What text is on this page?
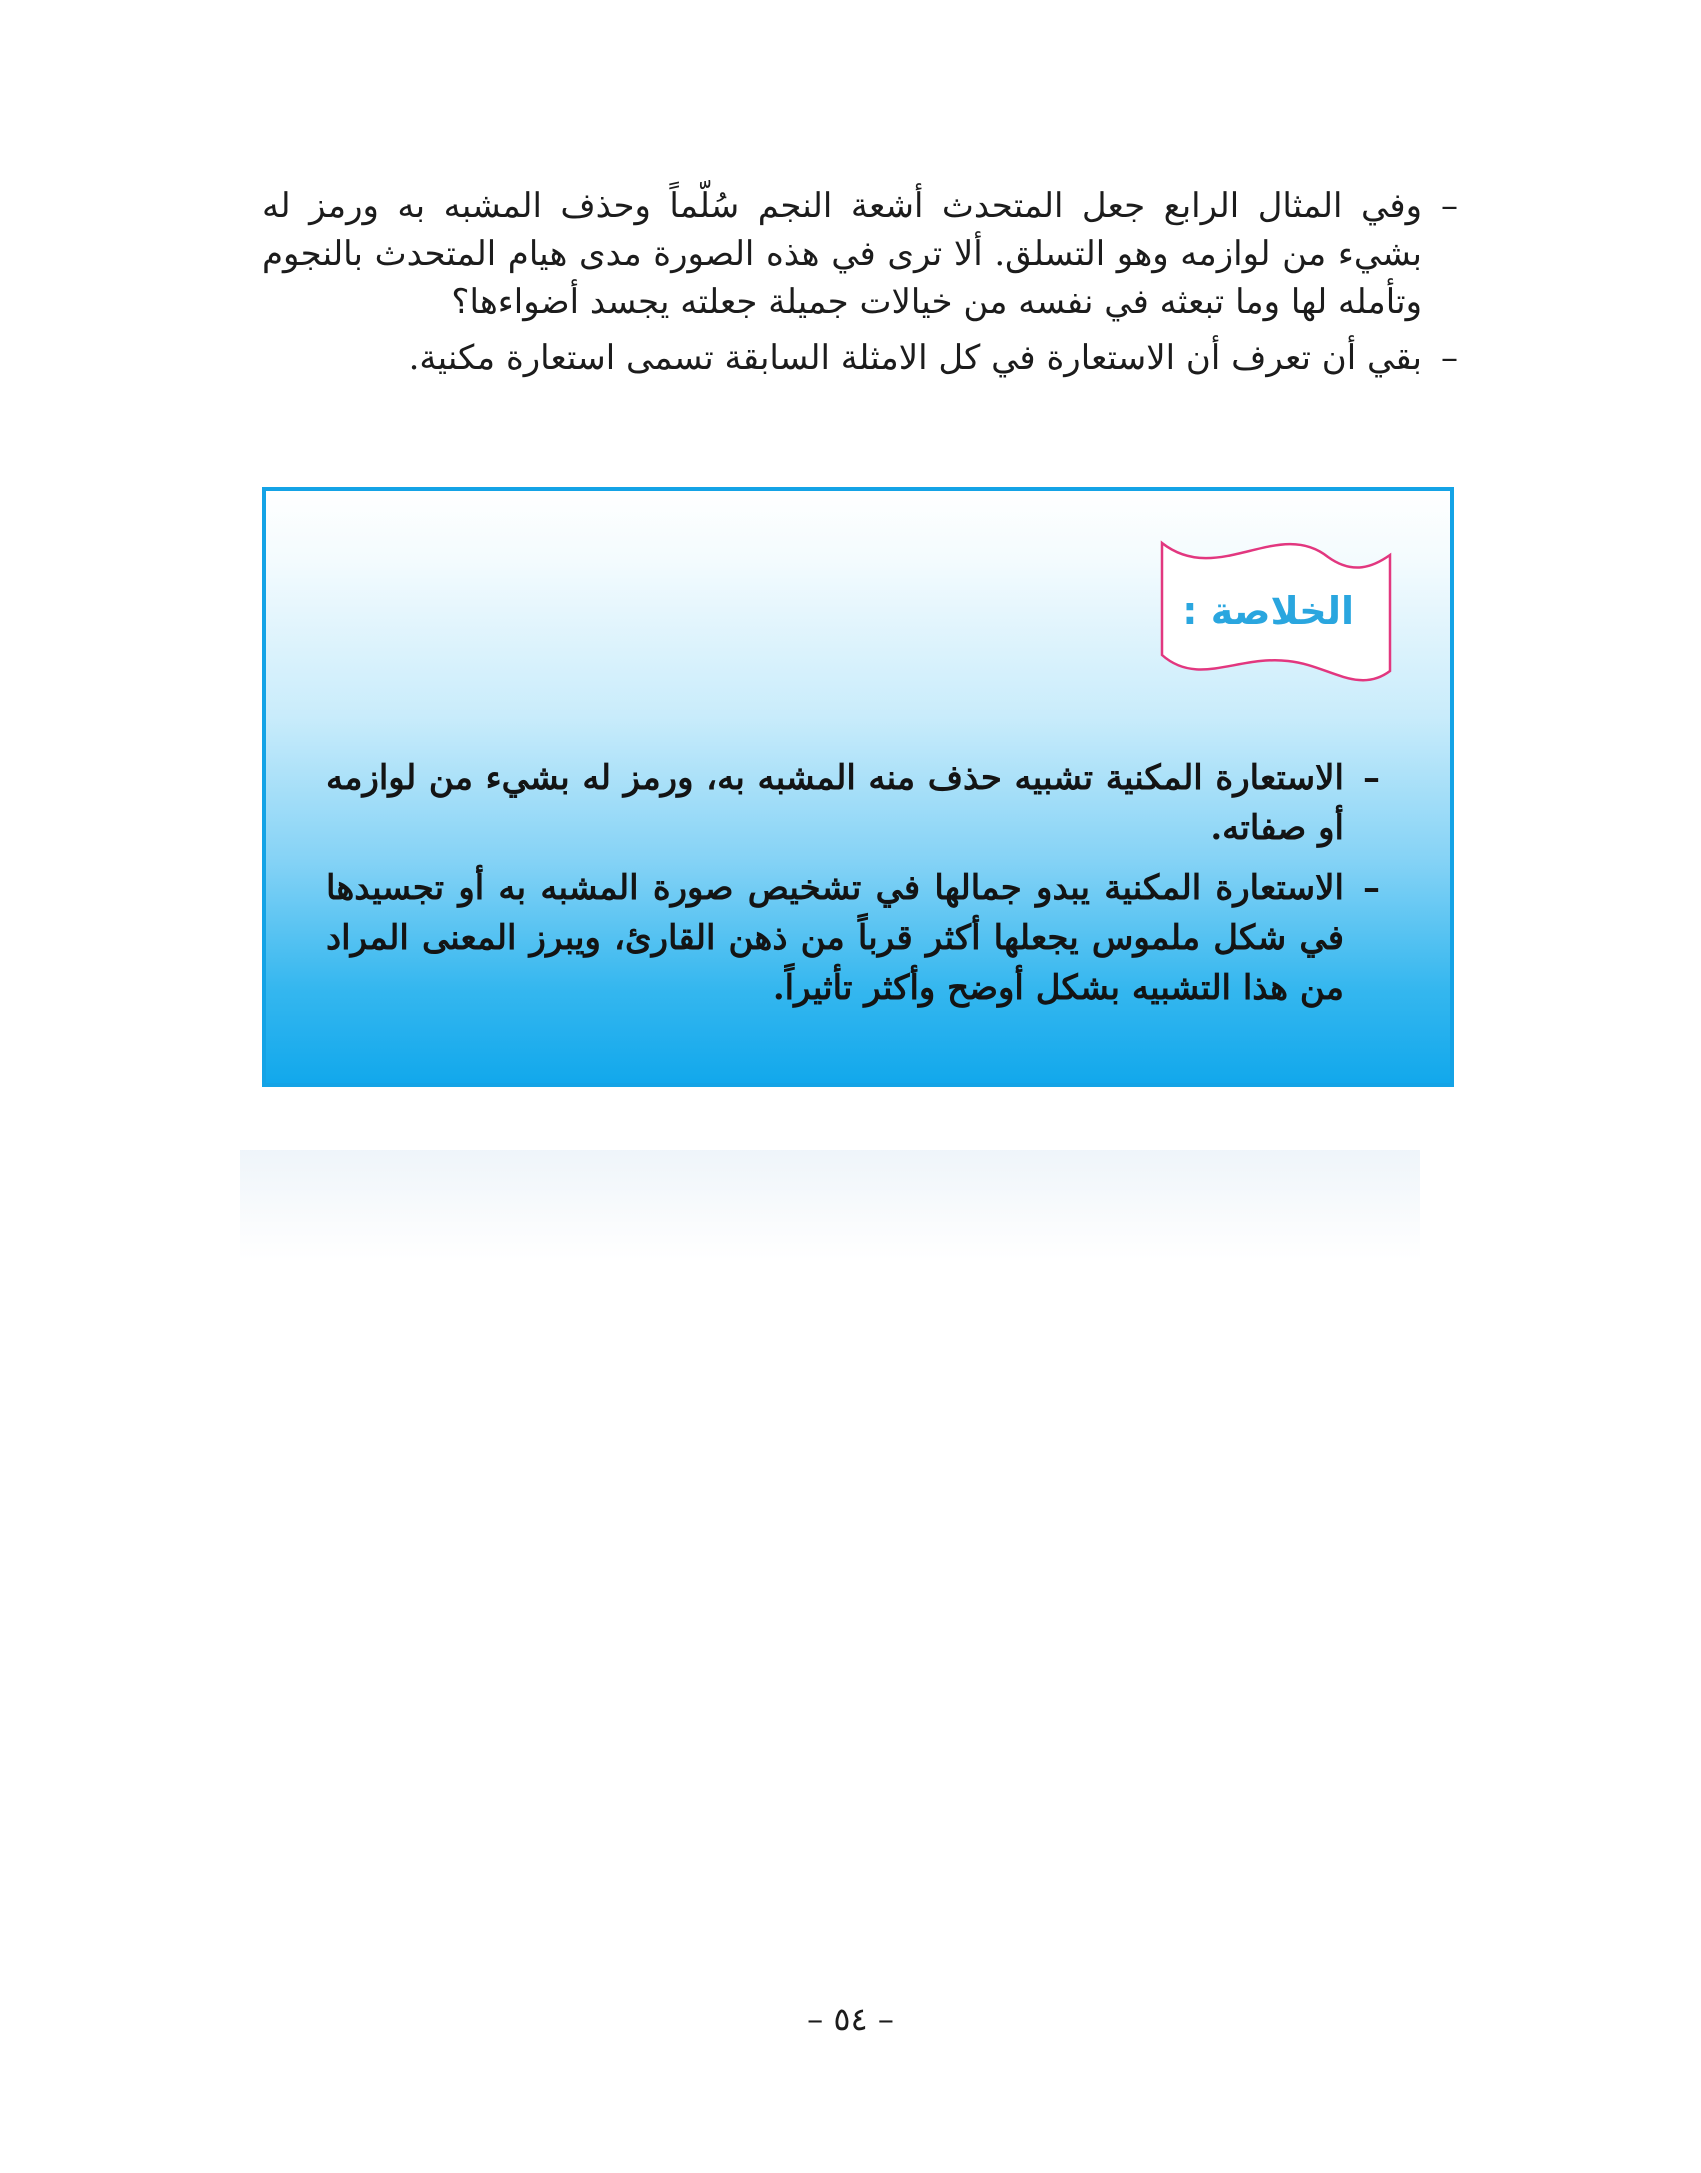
–
وفي المثال الرابع جعل المتحدث أشعة النجم سُلّماً وحذف المشبه به ورمز له بشيء من لوازمه وهو التسلق. ألا ترى في هذه الصورة مدى هيام المتحدث بالنجوم وتأمله لها وما تبعثه في نفسه من خيالات جميلة جعلته يجسد أضواءها؟

–
بقي أن تعرف أن الاستعارة في كل الامثلة السابقة تسمى استعارة مكنية.

الخلاصة :

–
الاستعارة المكنية تشبيه حذف منه المشبه به، ورمز له بشيء من لوازمه أو صفاته.

–
الاستعارة المكنية يبدو جمالها في تشخيص صورة المشبه به أو تجسيدها في شكل ملموس يجعلها أكثر قرباً من ذهن القارئ، ويبرز المعنى المراد من هذا التشبيه بشكل أوضح وأكثر تأثيراً.

– ٥٤ –
